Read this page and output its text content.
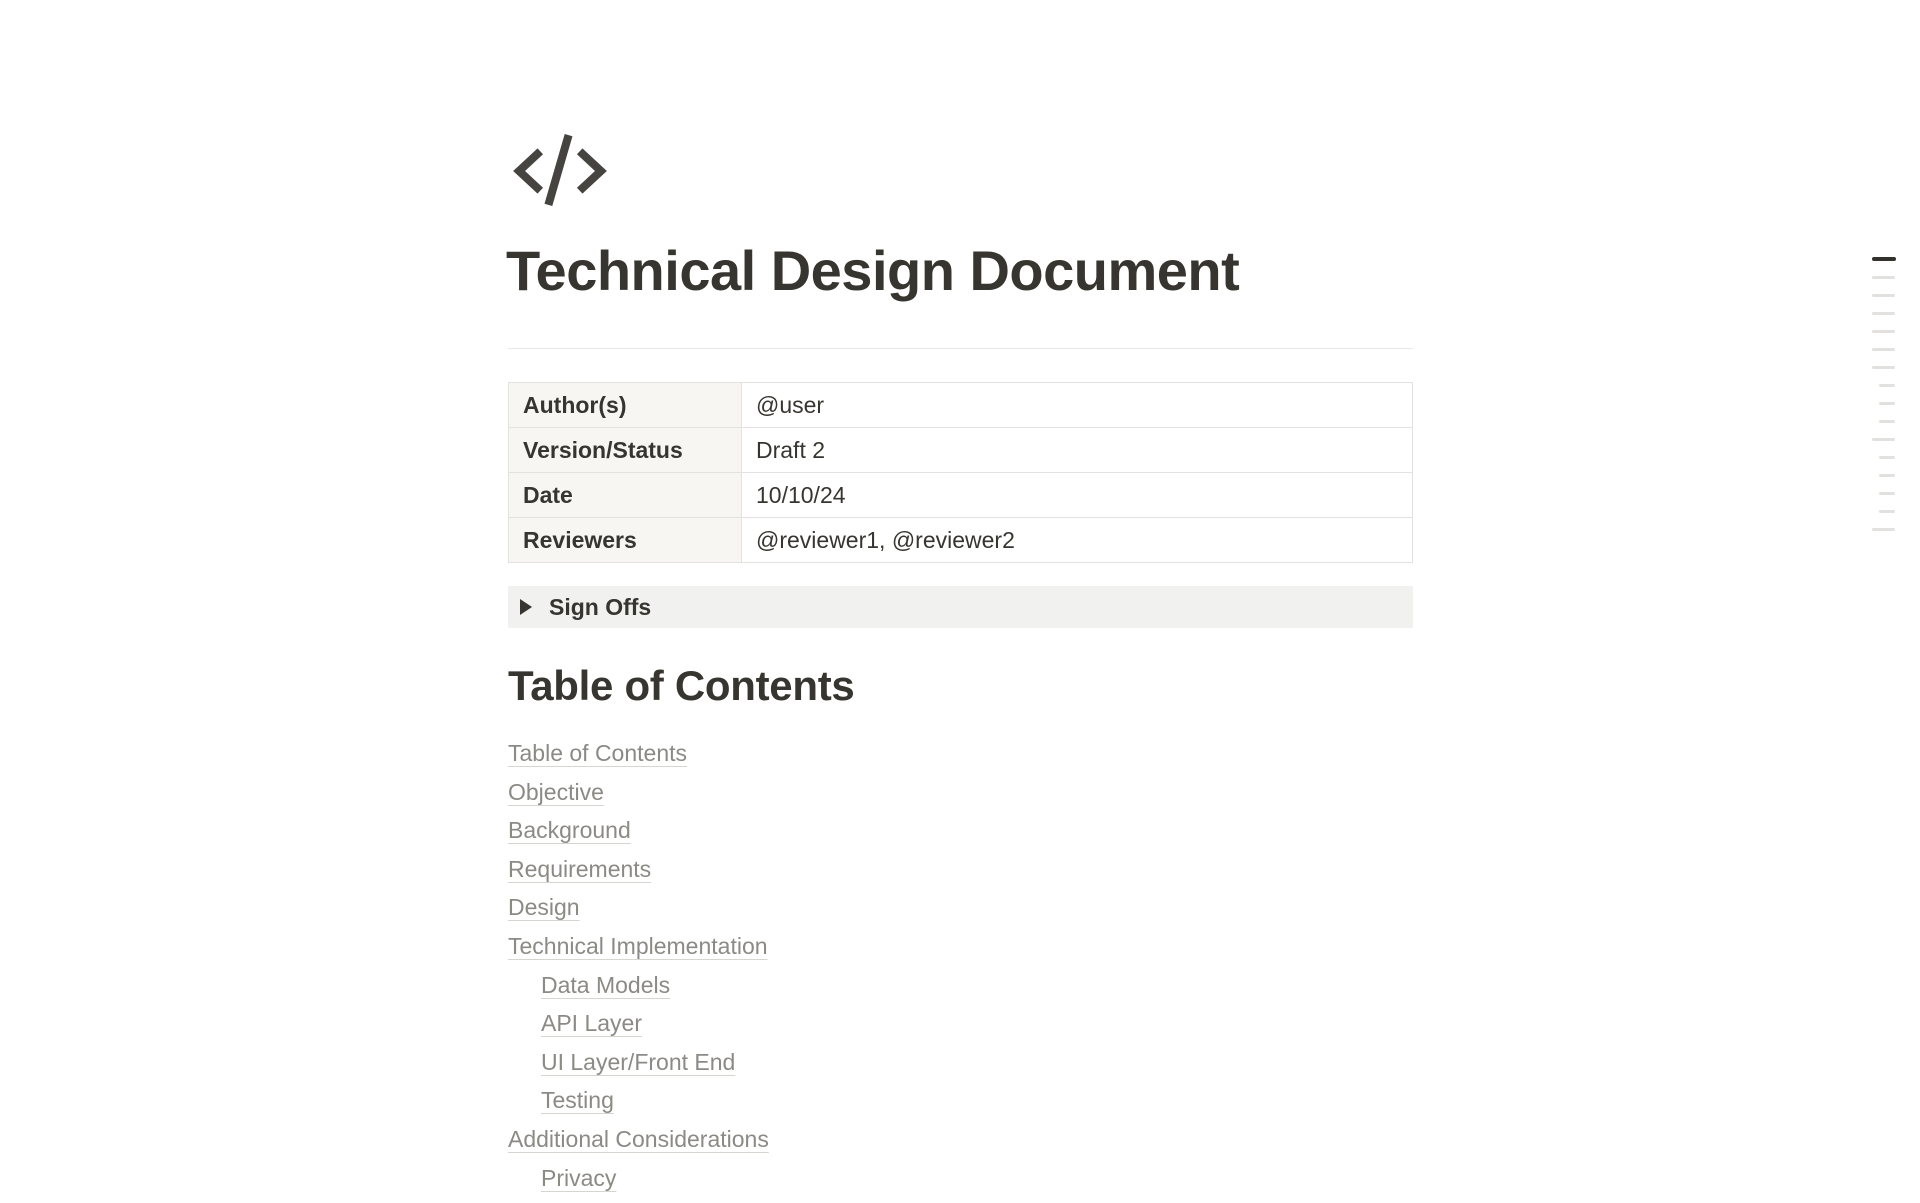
Technical Design Document
Author(s)	@user
Version/Status	Draft 2
Date	10/10/24
Reviewers	@reviewer1, @reviewer2
Sign Offs
Table of Contents
Table of Contents
Objective
Background
Requirements
Design
Technical Implementation
Data Models
API Layer
UI Layer/Front End
Testing
Additional Considerations
Privacy
